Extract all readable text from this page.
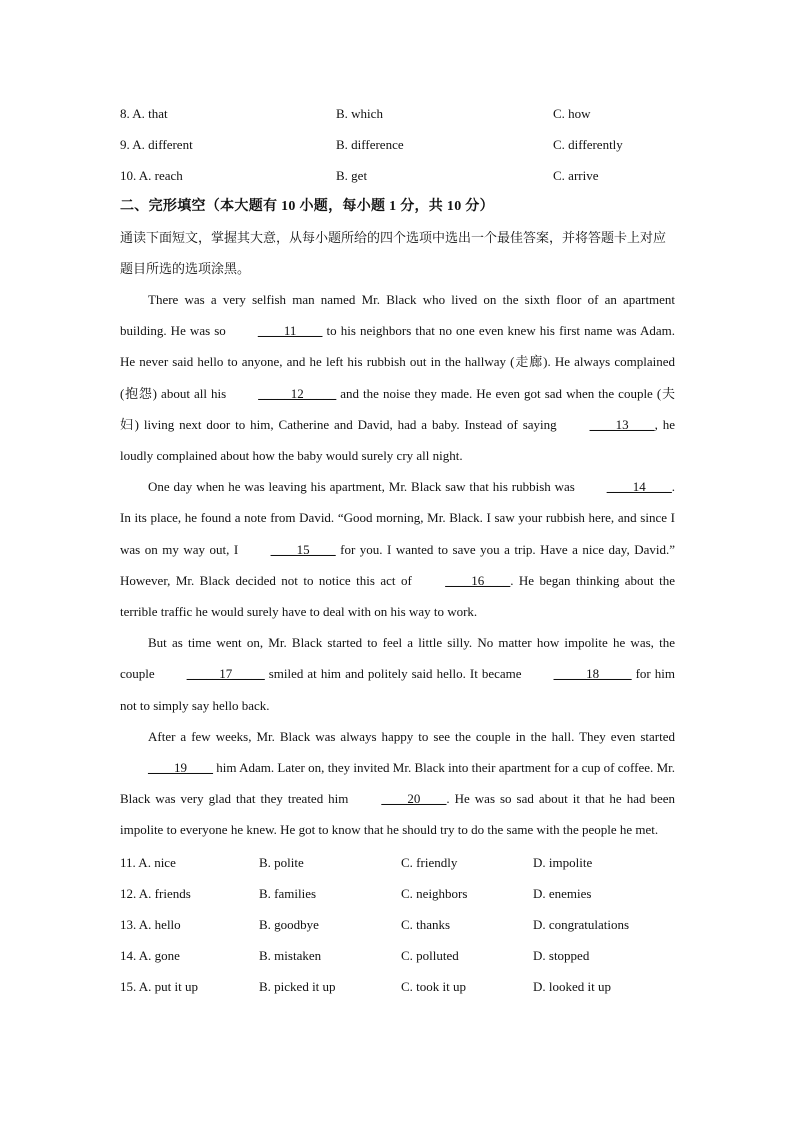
8. A. that	B. which	C. how
9. A. different	B. difference	C. differently
10. A. reach	B. get	C. arrive
二、完形填空（本大题有 10 小题，每小题 1 分，共 10 分）
通读下面短文，掌握其大意，从每小题所给的四个选项中选出一个最佳答案，并将答题卡上对应题目所选的选项涂黑。

There was a very selfish man named Mr. Black who lived on the sixth floor of an apartment building. He was so ____11____ to his neighbors that no one even knew his first name was Adam. He never said hello to anyone, and he left his rubbish out in the hallway (走廊). He always complained (抱怨) about all his _____12_____ and the noise they made. He even got sad when the couple (夫妇) living next door to him, Catherine and David, had a baby. Instead of saying ____13____, he loudly complained about how the baby would surely cry all night.

One day when he was leaving his apartment, Mr. Black saw that his rubbish was ____14____. In its place, he found a note from David. “Good morning, Mr. Black. I saw your rubbish here, and since I was on my way out, I ____15____ for you. I wanted to save you a trip. Have a nice day, David.” However, Mr. Black decided not to notice this act of ____16____. He began thinking about the terrible traffic he would surely have to deal with on his way to work.

But as time went on, Mr. Black started to feel a little silly. No matter how impolite he was, the couple _____17_____ smiled at him and politely said hello. It became _____18_____ for him not to simply say hello back.

After a few weeks, Mr. Black was always happy to see the couple in the hall. They even started ____19____ him Adam. Later on, they invited Mr. Black into their apartment for a cup of coffee. Mr. Black was very glad that they treated him ____20____. He was so sad about it that he had been impolite to everyone he knew. He got to know that he should try to do the same with the people he met.

11. A. nice	B. polite	C. friendly	D. impolite
12. A. friends	B. families	C. neighbors	D. enemies
13. A. hello	B. goodbye	C. thanks	D. congratulations
14. A. gone	B. mistaken	C. polluted	D. stopped
15. A. put it up	B. picked it up	C. took it up	D. looked it up
